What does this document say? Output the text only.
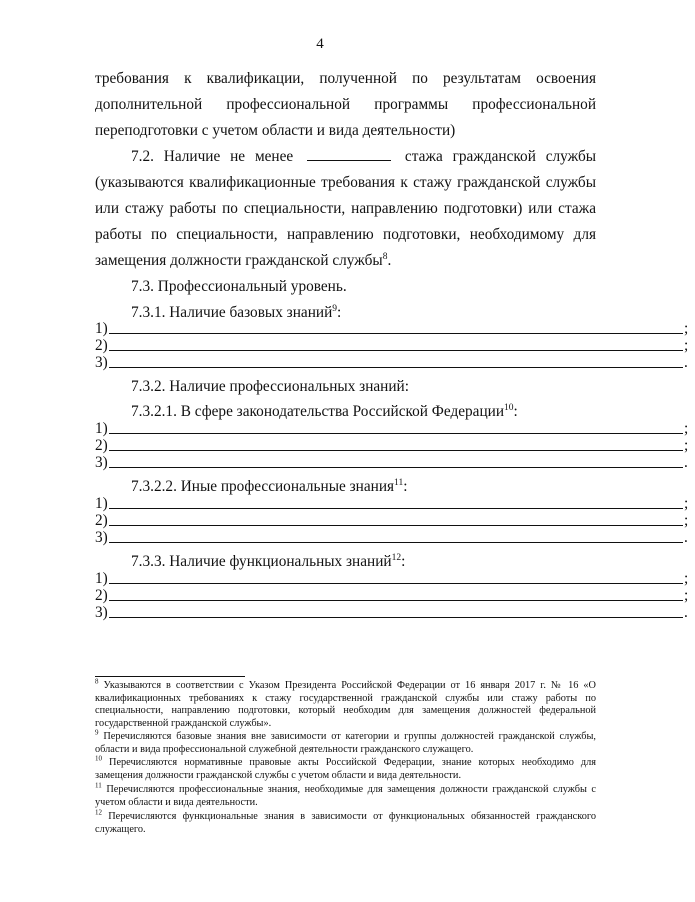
4
требования к квалификации, полученной по результатам освоения
дополнительной профессиональной программы профессиональной
переподготовки с учетом области и вида деятельности)
7.2. Наличие не менее	стажа гражданской службы
(указываются квалификационные требования к стажу гражданской службы
или стажу работы по специальности, направлению подготовки) или стажа
работы по специальности, направлению подготовки, необходимому для
замещения должности гражданской службы$^8$.
7.3. Профессиональный уровень.
7.3.1. Наличие базовых знаний$^9$:
1)	;
2)	;
3)	.
7.3.2. Наличие профессиональных знаний:
7.3.2.1. В сфере законодательства Российской Федерации$^{10}$:
1)	;
2)	;
3)	.
7.3.2.2. Иные профессиональные знания$^{11}$:
1)	;
2)	;
3)	.
7.3.3. Наличие функциональных знаний$^{12}$:
1)	;
2)	;
3)	.
$^8$ Указываются в соответствии с Указом Президента Российской Федерации от 16 января 2017 г. № 16 «О квалификационных требованиях к стажу государственной гражданской службы или стажу работы по специальности, направлению подготовки, который необходим для замещения должностей федеральной государственной гражданской службы».
$^9$ Перечисляются базовые знания вне зависимости от категории и группы должностей гражданской службы, области и вида профессиональной служебной деятельности гражданского служащего.
$^{10}$ Перечисляются нормативные правовые акты Российской Федерации, знание которых необходимо для замещения должности гражданской службы с учетом области и вида деятельности.
$^{11}$ Перечисляются профессиональные знания, необходимые для замещения должности гражданской службы с учетом области и вида деятельности.
$^{12}$ Перечисляются функциональные знания в зависимости от функциональных обязанностей гражданского служащего.
